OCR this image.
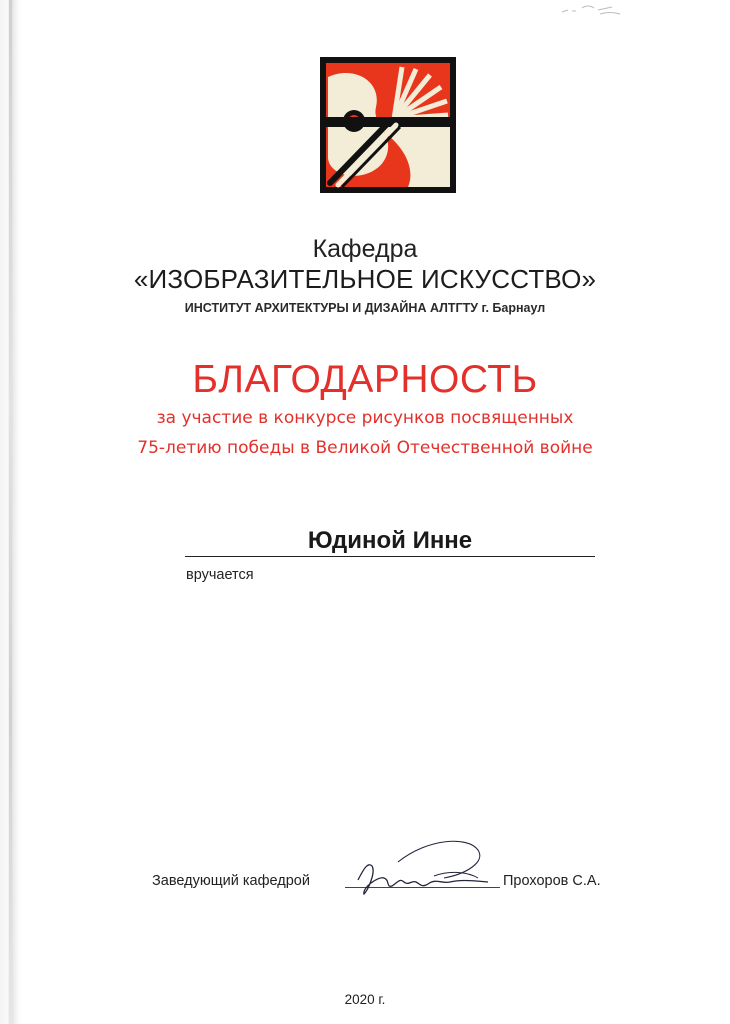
Кафедра
«ИЗОБРАЗИТЕЛЬНОЕ ИСКУССТВО»
ИНСТИТУТ АРХИТЕКТУРЫ И ДИЗАЙНА АЛТГТУ г. Барнаул
БЛАГОДАРНОСТЬ
за участие в конкурсе рисунков посвященных
75-летию победы в Великой Отечественной войне
Юдиной Инне
вручается
Заведующий кафедрой	Прохоров С.А.
2020 г.
